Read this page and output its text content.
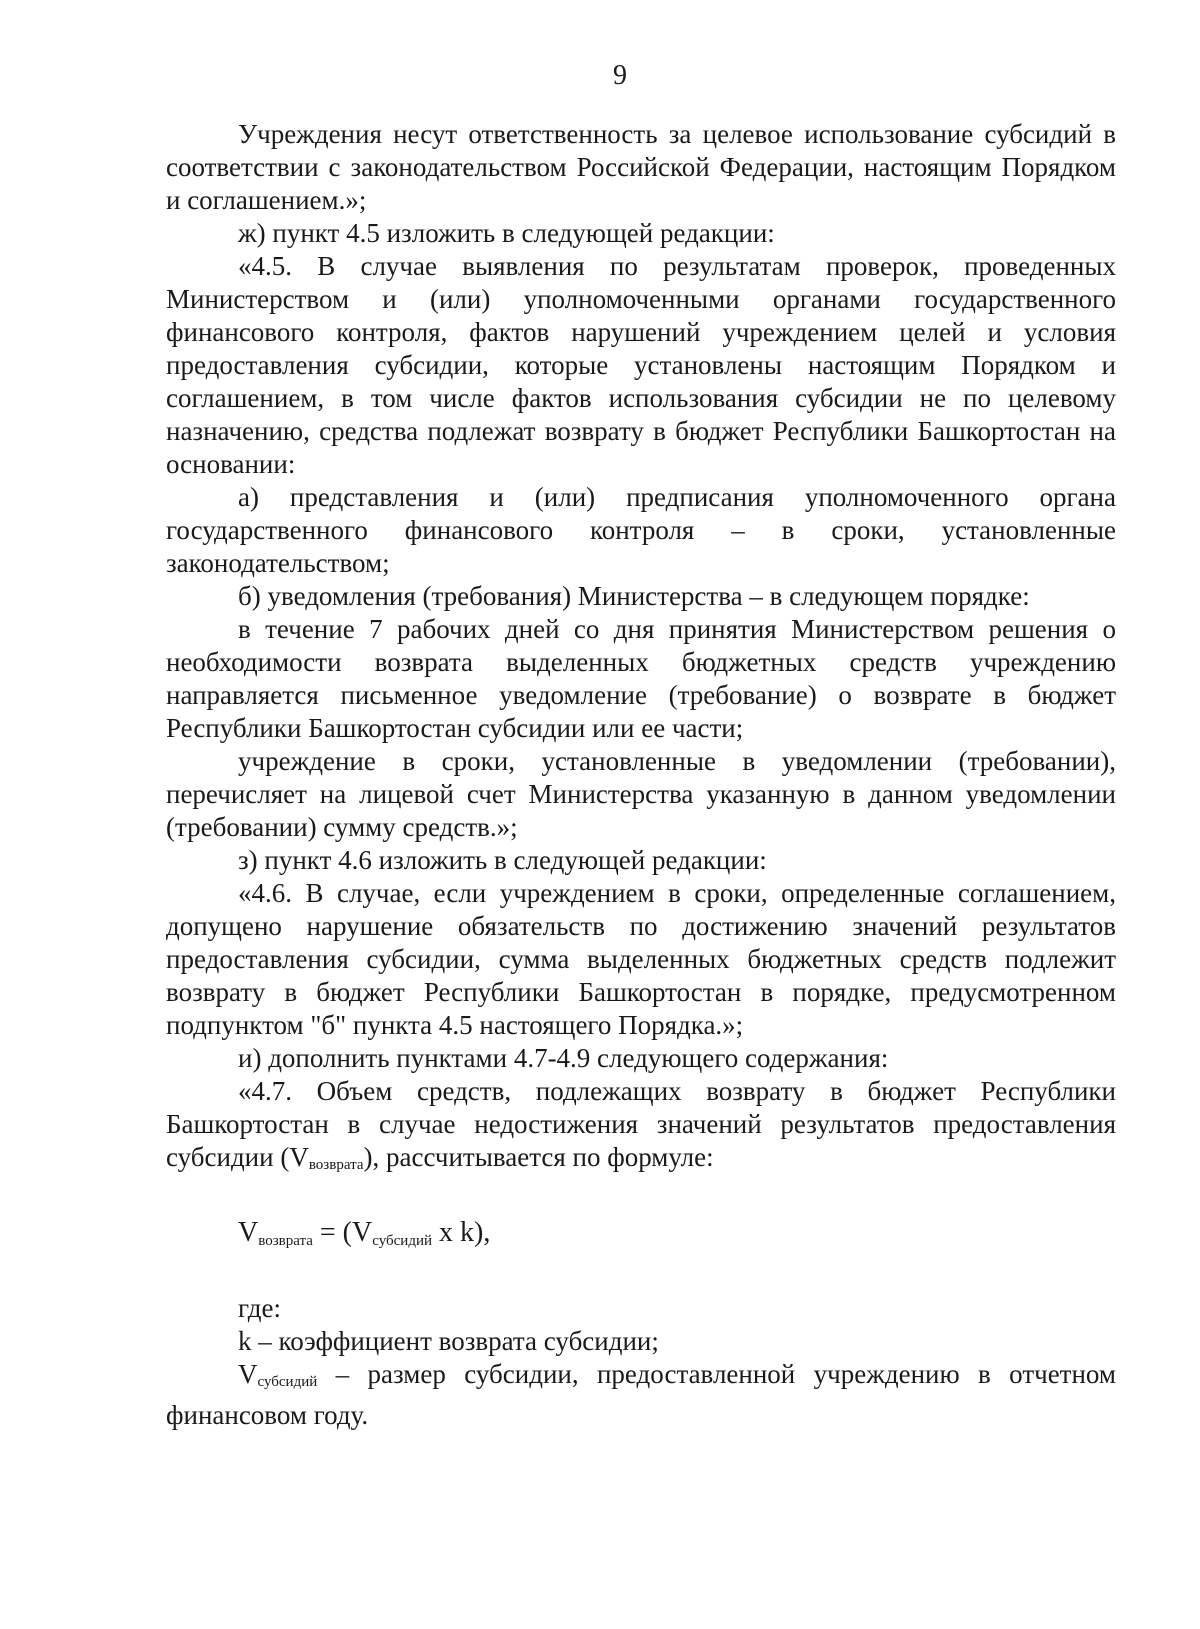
9

Учреждения несут ответственность за целевое использование субсидий в соответствии с законодательством Российской Федерации, настоящим Порядком и соглашением.»;

ж) пункт 4.5 изложить в следующей редакции:

«4.5. В случае выявления по результатам проверок, проведенных Министерством и (или) уполномоченными органами государственного финансового контроля, фактов нарушений учреждением целей и условия предоставления субсидии, которые установлены настоящим Порядком и соглашением, в том числе фактов использования субсидии не по целевому назначению, средства подлежат возврату в бюджет Республики Башкортостан на основании:

а) представления и (или) предписания уполномоченного органа государственного финансового контроля – в сроки, установленные законодательством;

б) уведомления (требования) Министерства – в следующем порядке:

в течение 7 рабочих дней со дня принятия Министерством решения о необходимости возврата выделенных бюджетных средств учреждению направляется письменное уведомление (требование) о возврате в бюджет Республики Башкортостан субсидии или ее части;

учреждение в сроки, установленные в уведомлении (требовании), перечисляет на лицевой счет Министерства указанную в данном уведомлении (требовании) сумму средств.»;

з) пункт 4.6 изложить в следующей редакции:

«4.6. В случае, если учреждением в сроки, определенные соглашением, допущено нарушение обязательств по достижению значений результатов предоставления субсидии, сумма выделенных бюджетных средств подлежит возврату в бюджет Республики Башкортостан в порядке, предусмотренном подпунктом "б" пункта 4.5 настоящего Порядка.»;

и) дополнить пунктами 4.7-4.9 следующего содержания:

«4.7. Объем средств, подлежащих возврату в бюджет Республики Башкортостан в случае недостижения значений результатов предоставления субсидии (Vвозврата), рассчитывается по формуле:

$V_{возврата} = (V_{субсидий}$ x k),

где:

k – коэффициент возврата субсидии;

Vсубсидий – размер субсидии, предоставленной учреждению в отчетном финансовом году.
